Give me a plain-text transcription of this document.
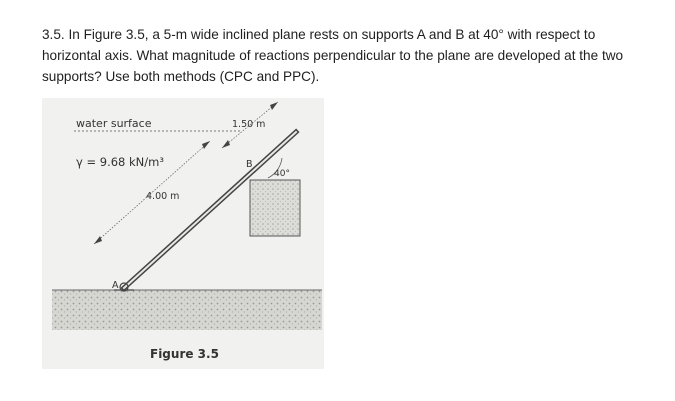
3.5. In Figure 3.5, a 5-m wide inclined plane rests on supports A and B at 40° with respect to horizontal axis. What magnitude of reactions perpendicular to the plane are developed at the two supports? Use both methods (CPC and PPC).

water surface
γ = 9.68 kN/m³
4.00 m
1.50 m
A
B
40°
Figure 3.5
